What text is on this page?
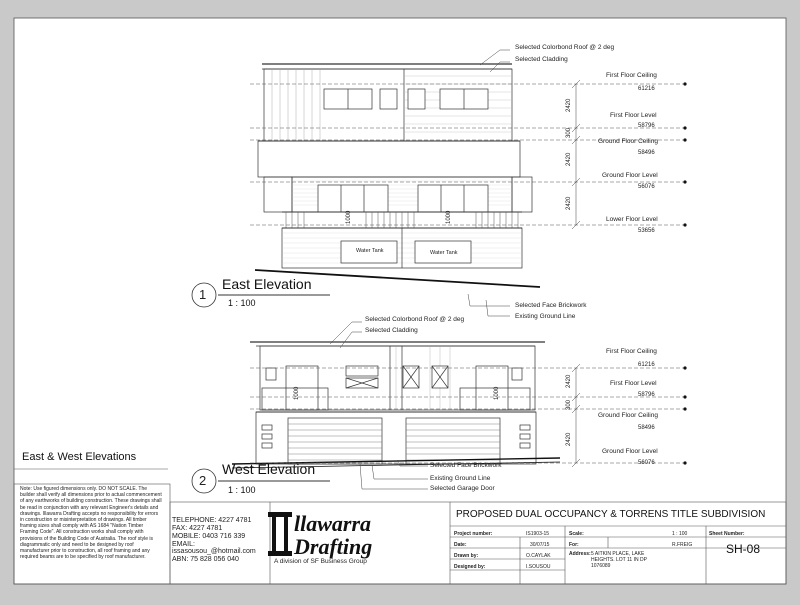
llawarra
Drafting
Selected Colorbond Roof @ 2 deg
Selected Cladding
First Floor Ceiling
61216
First Floor Level
58796
Ground Floor Ceiling
58496
Ground Floor Level
56076
Lower Floor Level
53656
2420
300
2420
2420
1000	1000
Water Tank	Water Tank
Selected Face Brickwork
Existing Ground Line
1
East Elevation
1 : 100
Selected Colorbond Roof @ 2 deg
Selected Cladding
First Floor Ceiling
61216
First Floor Level
58796
Ground Floor Ceiling
58496
Ground Floor Level
56076
2420
300
2420
1000	1000
Selected Face Brickwork
Existing Ground Line
Selected Garage Door
2
West Elevation
1 : 100
East & West Elevations
Note: Use figured dimensions only. DO NOT SCALE. The builder shall verify all dimensions prior to actual commencement of any earthworks of building construction. These drawings shall be read in conjunction with any relevant Engineer's details and drawings. Illawarra Drafting accepts no responsibility for errors in construction or misinterpretation of drawings. All timber framing sizes shall comply with AS 1684 "Nation Timber Framing Code". All construction works shall comply with provisions of the Building Code of Australia. The roof style is diagrammatic only and need to be designed by roof manufacturer prior to construction, all roof framing and any required beams are to be specified by roof manufacturer.
TELEPHONE: 4227 4781
FAX: 4227 4781
MOBILE: 0403 716 339
EMAIL:
issasousou_@hotmail.com
ABN: 75 828 056 040	A division of SF Business Group
PROPOSED DUAL OCCUPANCY & TORRENS TITLE SUBDIVISION
Project number:	IS1903-15
Date:	30/07/15
Drawn by:	O.CAYLAK
Designed by:	I.SOUSOU
Scale:	1 : 100
For:	R.FREIG
Address: 5 AITKIN PLACE, LAKE
HEIGHTS. LOT 11 IN DP
1076089
Sheet Number:
SH-08
